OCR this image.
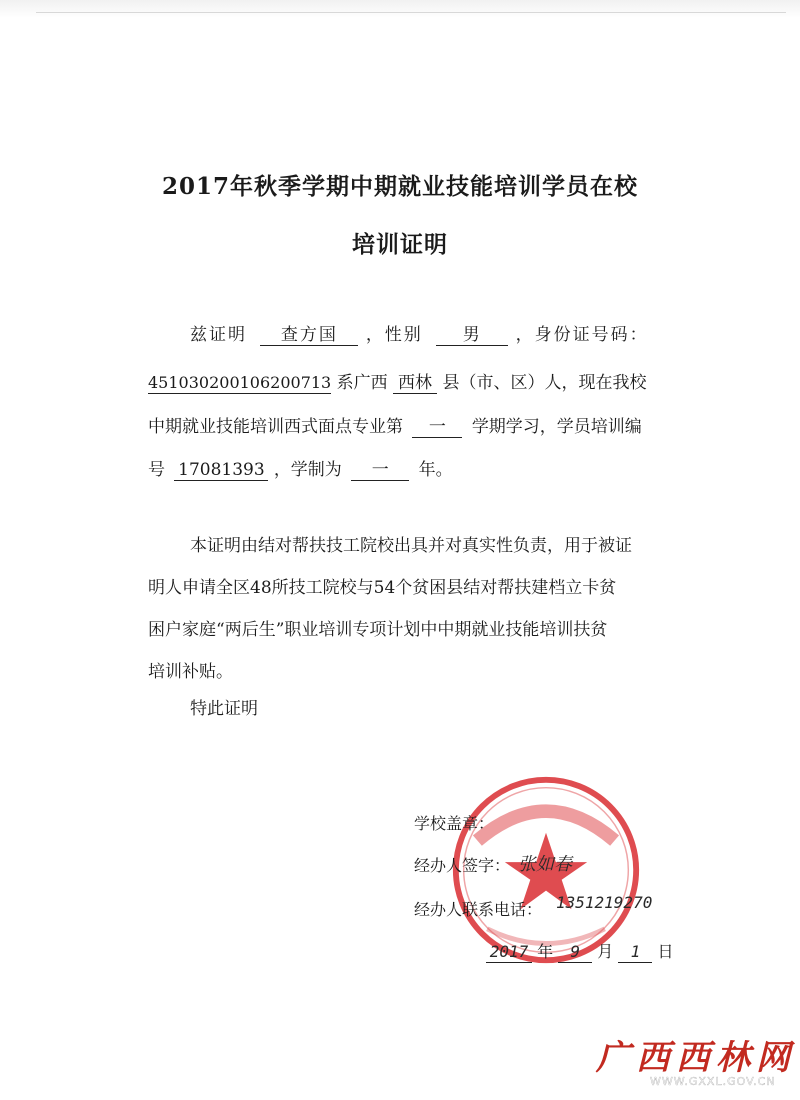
2017年秋季学期中期就业技能培训学员在校
培训证明
兹证明 查方国 ，性别 男 ，身份证号码：
451030200106200713 系广西 西林 县（市、区）人，现在我校
中期就业技能培训西式面点专业第 一 学期学习，学员培训编
号 17081393 ，学制为 一 年。
本证明由结对帮扶技工院校出具并对真实性负责，用于被证
明人申请全区48所技工院校与54个贫困县结对帮扶建档立卡贫
困户家庭“两后生”职业培训专项计划中中期就业技能培训扶贫
培训补贴。
特此证明
学校盖章：
经办人签字： 张如春
经办人联系电话： 1351219270
2017 年 9 月 1 日
广西西林网
WWW.GXXL.GOV.CN
